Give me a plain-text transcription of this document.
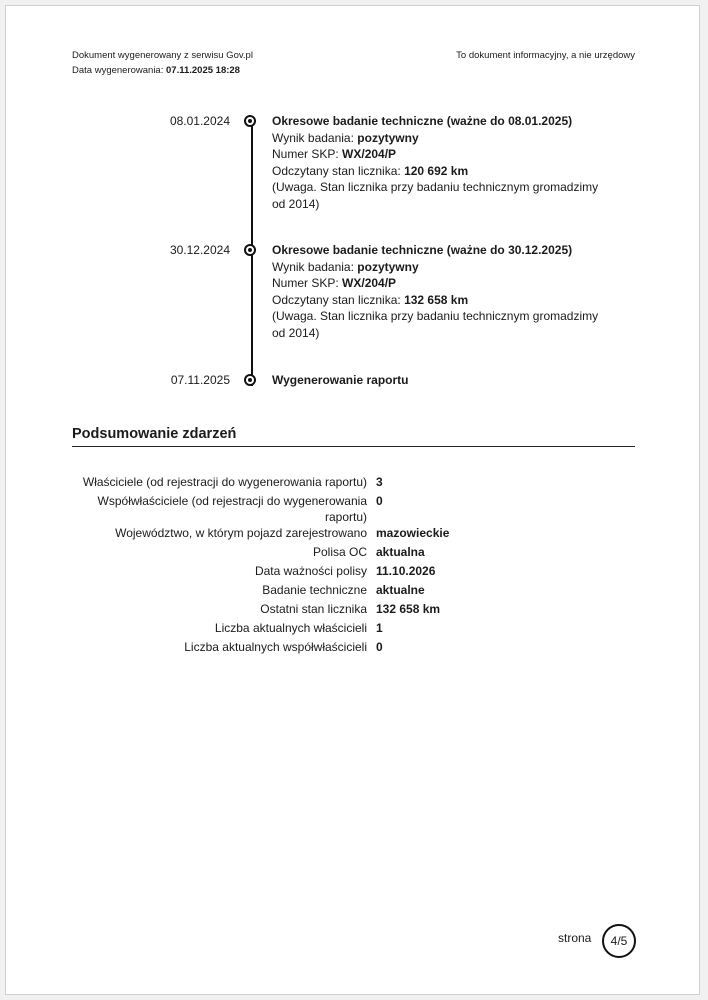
Dokument wygenerowany z serwisu Gov.pl
Data wygenerowania: 07.11.2025 18:28
To dokument informacyjny, a nie urzędowy
08.01.2024	Okresowe badanie techniczne (ważne do 08.01.2025)
Wynik badania: pozytywny
Numer SKP: WX/204/P
Odczytany stan licznika: 120 692 km
(Uwaga. Stan licznika przy badaniu technicznym gromadzimy od 2014)
30.12.2024	Okresowe badanie techniczne (ważne do 30.12.2025)
Wynik badania: pozytywny
Numer SKP: WX/204/P
Odczytany stan licznika: 132 658 km
(Uwaga. Stan licznika przy badaniu technicznym gromadzimy od 2014)
07.11.2025	Wygenerowanie raportu
Podsumowanie zdarzeń
Właściciele (od rejestracji do wygenerowania raportu) 3
Współwłaściciele (od rejestracji do wygenerowania raportu)
0
Województwo, w którym pojazd zarejestrowano mazowieckie
Polisa OC aktualna
Data ważności polisy 11.10.2026
Badanie techniczne aktualne
Ostatni stan licznika 132 658 km
Liczba aktualnych właścicieli 1
Liczba aktualnych współwłaścicieli 0
strona	4/5
